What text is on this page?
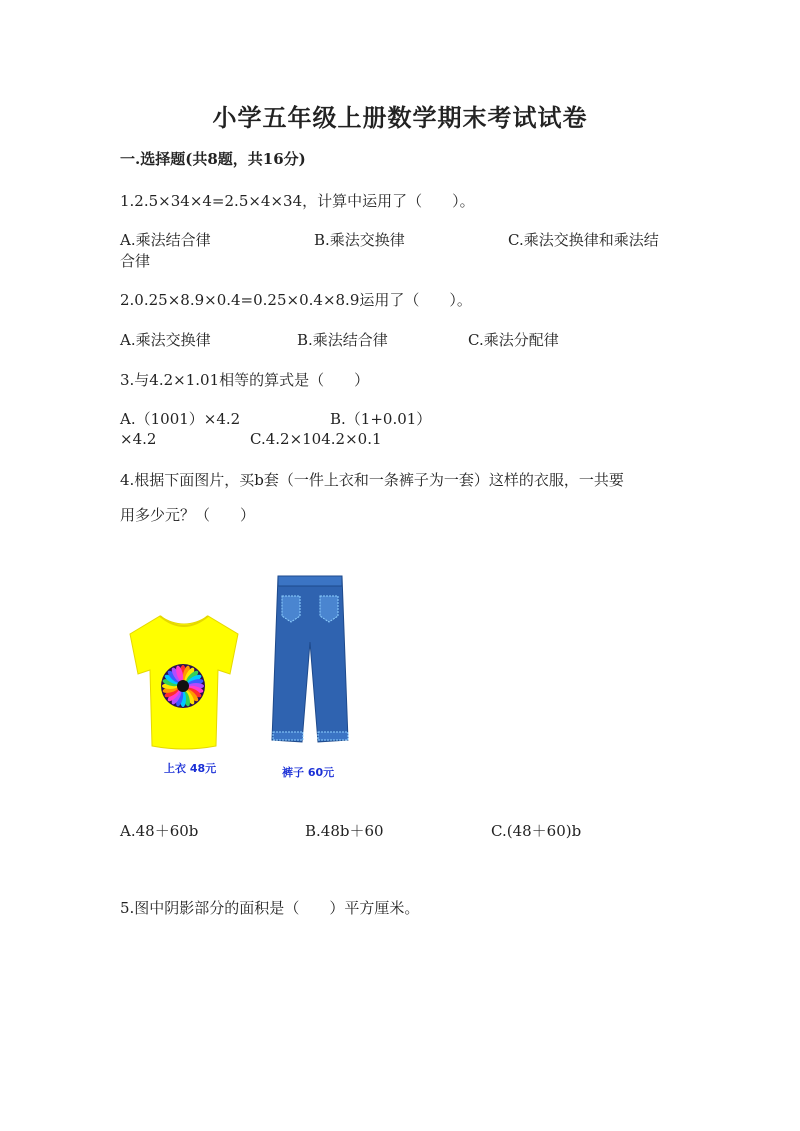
小学五年级上册数学期末考试试卷
一.选择题(共8题，共16分)
1.2.5×34×4=2.5×4×34，计算中运用了（　　）。
A.乘法结合律	B.乘法交换律	C.乘法交换律和乘法结
合律
2.0.25×8.9×0.4=0.25×0.4×8.9运用了（　　）。
A.乘法交换律	B.乘法结合律	C.乘法分配律
3.与4.2×1.01相等的算式是（　　）
A.（1001）×4.2	B.（1+0.01）
×4.2	C.4.2×104.2×0.1
4.根据下面图片，买b套（一件上衣和一条裤子为一套）这样的衣服，一共要
用多少元？（　　）
上衣 48元	裤子 60元
A.48＋60b	B.48b＋60	C.(48＋60)b
5.图中阴影部分的面积是（　　）平方厘米。
